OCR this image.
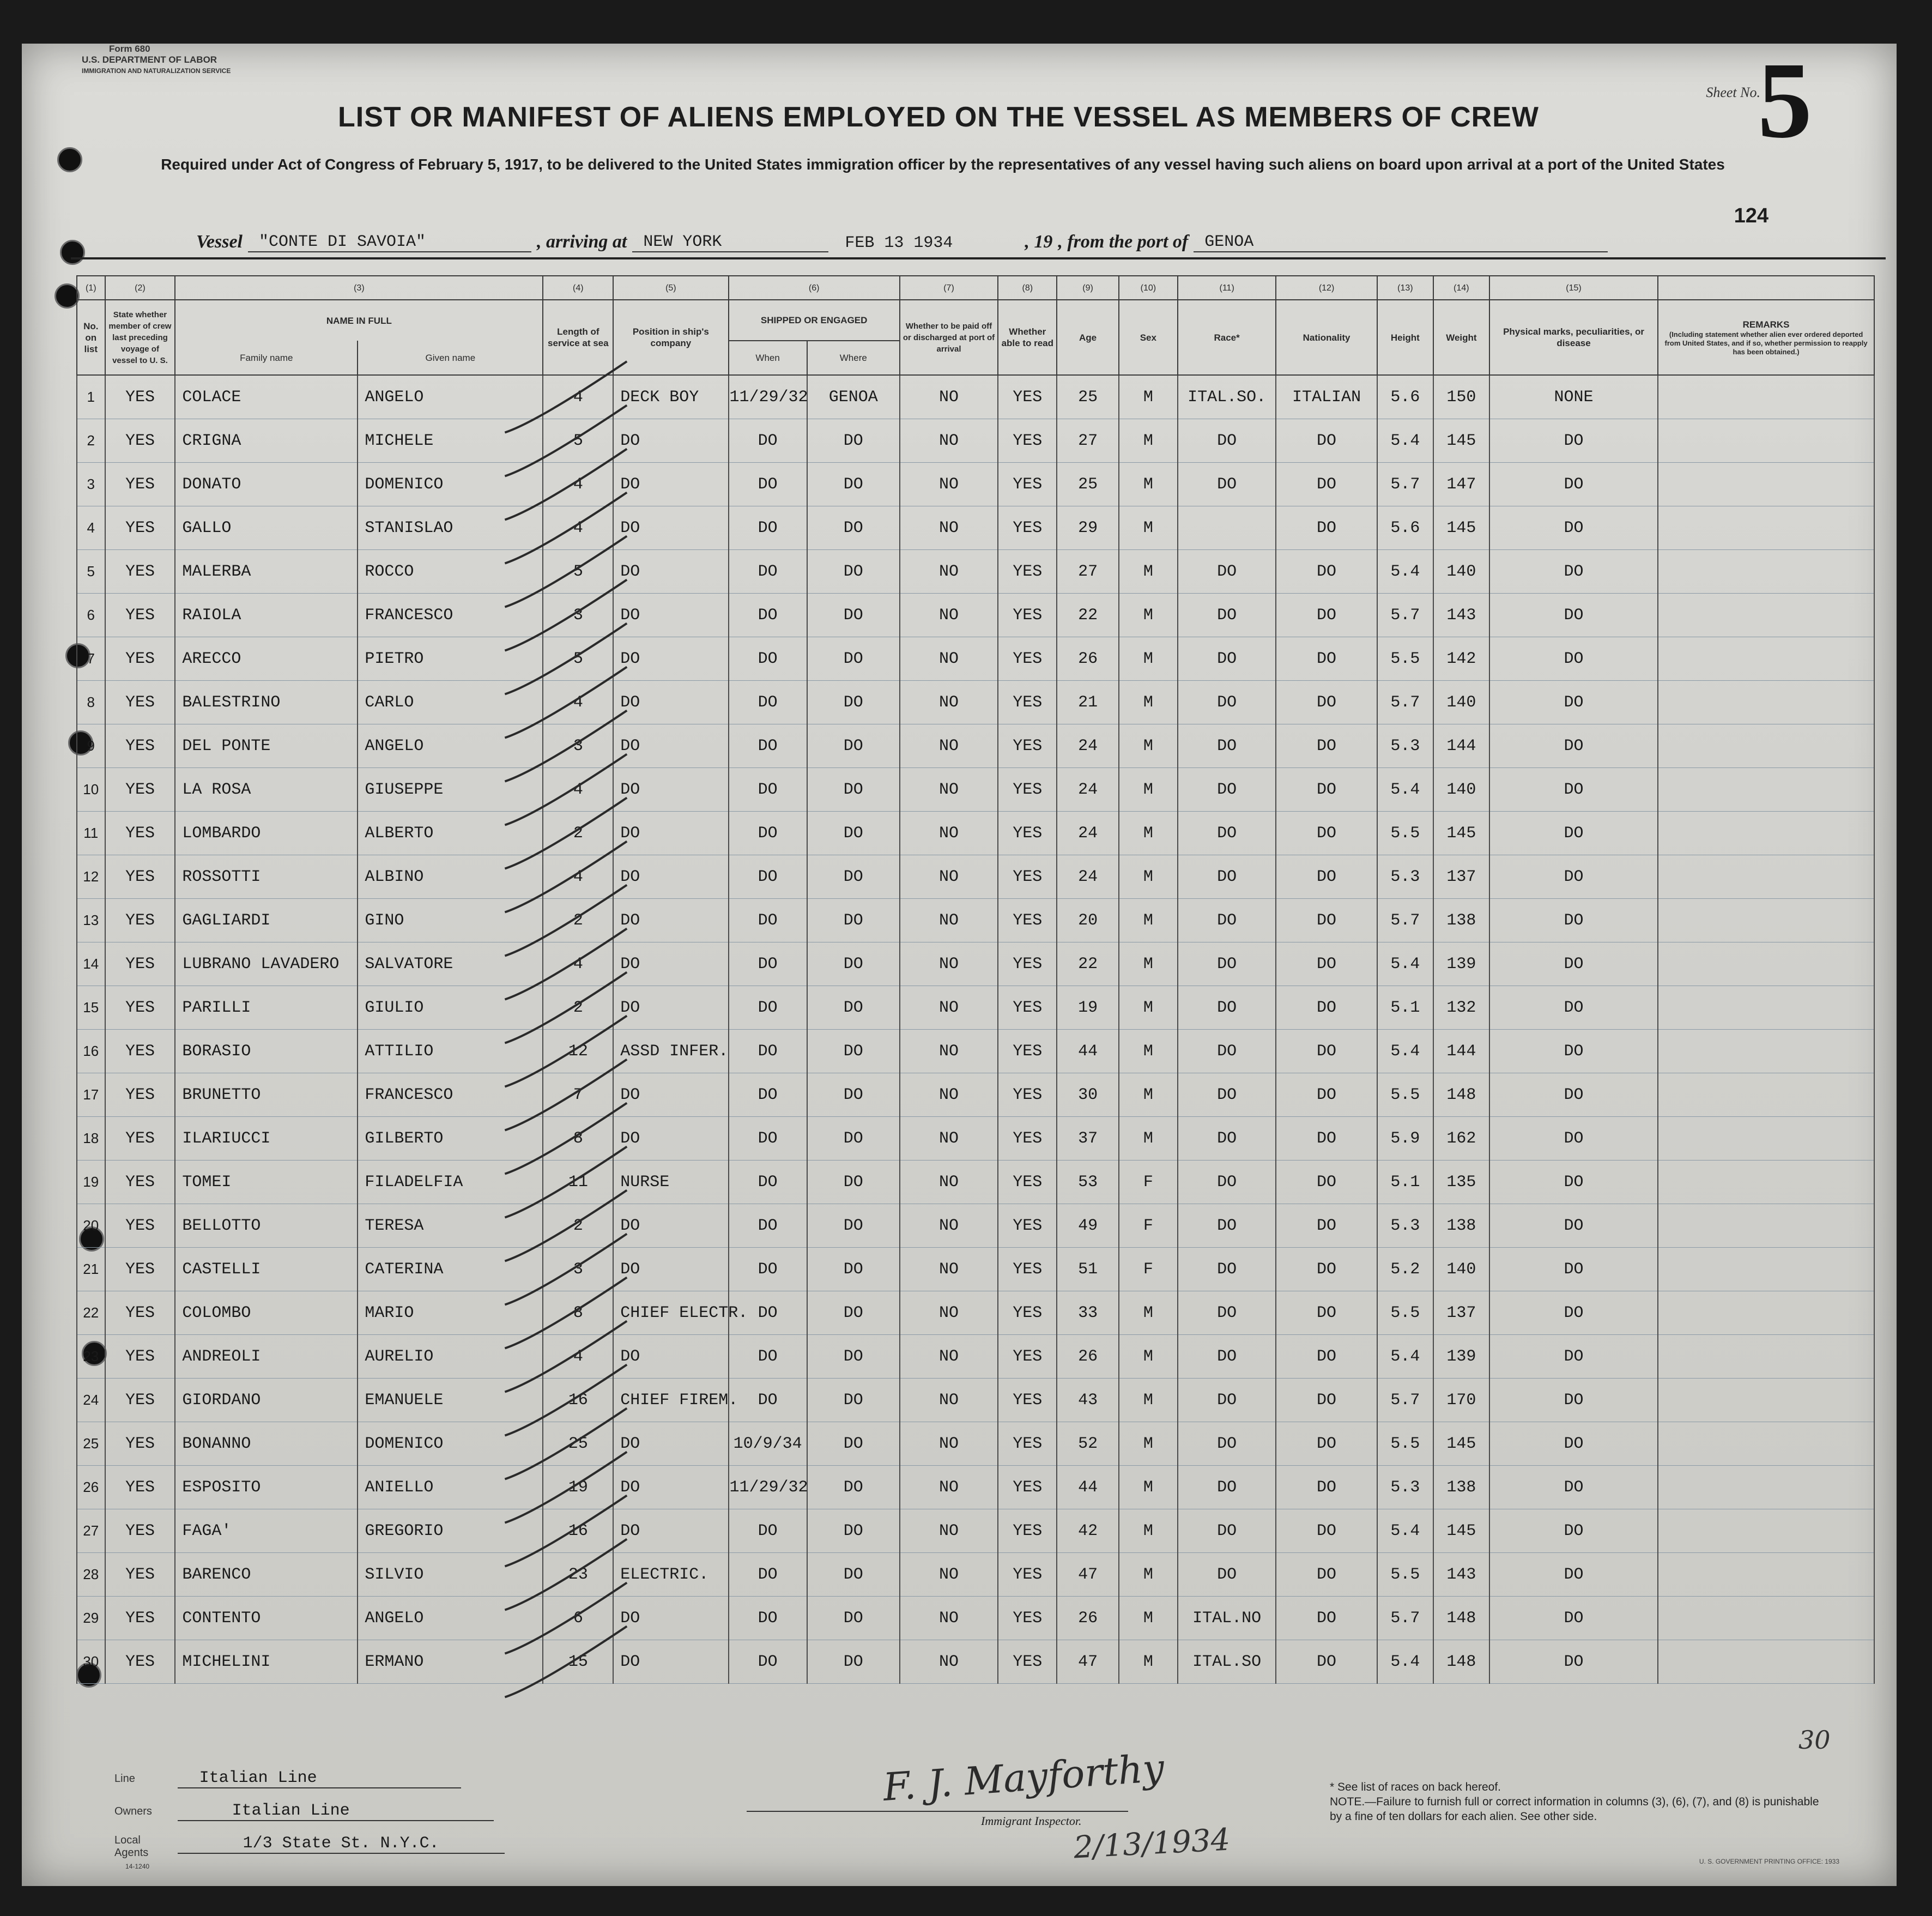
Form 680
U.S. DEPARTMENT OF LABOR
IMMIGRATION AND NATURALIZATION SERVICE
Sheet No.
5
LIST OR MANIFEST OF ALIENS EMPLOYED ON THE VESSEL AS MEMBERS OF CREW
Required under Act of Congress of February 5, 1917, to be delivered to the United States immigration officer by the representatives of any vessel having such aliens on board upon arrival at a port of the United States
124
Vessel	"CONTE DI SAVOIA"	, arriving at	NEW YORK	FEB 13 1934	, 19 , from the port of	GENOA
(1)	(2)	(3)		(4)	(5)	(6)		(7)	(8)	(9)	(10)	(11)	(12)	(13)	(14)	(15)	
No. on list	State whether member of crew last preceding voyage of vessel to U. S.	NAME IN FULL		Length of service at sea	Position in ship's company	SHIPPED OR ENGAGED		Whether to be paid off or discharged at port of arrival	Whether able to read	Age	Sex	Race*	Nationality	Height	Weight	Physical marks, peculiarities, or disease	REMARKS
(Including statement whether alien ever ordered deported from United States, and if so, whether permission to reapply has been obtained.)

		Family name	Given name			When	Where										
1	YES	COLACE	ANGELO	4	DECK BOY	11/29/32	GENOA	NO	YES	25	M	ITAL.SO.	ITALIAN	5.6	150	NONE	
2	YES	CRIGNA	MICHELE	5	DO	DO	DO	NO	YES	27	M	DO	DO	5.4	145	DO	
3	YES	DONATO	DOMENICO	4	DO	DO	DO	NO	YES	25	M	DO	DO	5.7	147	DO	
4	YES	GALLO	STANISLAO	4	DO	DO	DO	NO	YES	29	M		DO	5.6	145	DO	
5	YES	MALERBA	ROCCO	5	DO	DO	DO	NO	YES	27	M	DO	DO	5.4	140	DO	
6	YES	RAIOLA	FRANCESCO	3	DO	DO	DO	NO	YES	22	M	DO	DO	5.7	143	DO	
7	YES	ARECCO	PIETRO	5	DO	DO	DO	NO	YES	26	M	DO	DO	5.5	142	DO	
8	YES	BALESTRINO	CARLO	4	DO	DO	DO	NO	YES	21	M	DO	DO	5.7	140	DO	
9	YES	DEL PONTE	ANGELO	3	DO	DO	DO	NO	YES	24	M	DO	DO	5.3	144	DO	
10	YES	LA ROSA	GIUSEPPE	4	DO	DO	DO	NO	YES	24	M	DO	DO	5.4	140	DO	
11	YES	LOMBARDO	ALBERTO	2	DO	DO	DO	NO	YES	24	M	DO	DO	5.5	145	DO	
12	YES	ROSSOTTI	ALBINO	4	DO	DO	DO	NO	YES	24	M	DO	DO	5.3	137	DO	
13	YES	GAGLIARDI	GINO	2	DO	DO	DO	NO	YES	20	M	DO	DO	5.7	138	DO	
14	YES	LUBRANO LAVADERO	SALVATORE	4	DO	DO	DO	NO	YES	22	M	DO	DO	5.4	139	DO	
15	YES	PARILLI	GIULIO	2	DO	DO	DO	NO	YES	19	M	DO	DO	5.1	132	DO	
16	YES	BORASIO	ATTILIO	12	ASSD INFER.	DO	DO	NO	YES	44	M	DO	DO	5.4	144	DO	
17	YES	BRUNETTO	FRANCESCO	7	DO	DO	DO	NO	YES	30	M	DO	DO	5.5	148	DO	
18	YES	ILARIUCCI	GILBERTO	8	DO	DO	DO	NO	YES	37	M	DO	DO	5.9	162	DO	
19	YES	TOMEI	FILADELFIA	11	NURSE	DO	DO	NO	YES	53	F	DO	DO	5.1	135	DO	
20	YES	BELLOTTO	TERESA	2	DO	DO	DO	NO	YES	49	F	DO	DO	5.3	138	DO	
21	YES	CASTELLI	CATERINA	3	DO	DO	DO	NO	YES	51	F	DO	DO	5.2	140	DO	
22	YES	COLOMBO	MARIO	8	CHIEF ELECTR.	DO	DO	NO	YES	33	M	DO	DO	5.5	137	DO	
23	YES	ANDREOLI	AURELIO	4	DO	DO	DO	NO	YES	26	M	DO	DO	5.4	139	DO	
24	YES	GIORDANO	EMANUELE	16	CHIEF FIREM.	DO	DO	NO	YES	43	M	DO	DO	5.7	170	DO	
25	YES	BONANNO	DOMENICO	25	DO	10/9/34	DO	NO	YES	52	M	DO	DO	5.5	145	DO	
26	YES	ESPOSITO	ANIELLO	19	DO	11/29/32	DO	NO	YES	44	M	DO	DO	5.3	138	DO	
27	YES	FAGA'	GREGORIO	16	DO	DO	DO	NO	YES	42	M	DO	DO	5.4	145	DO	
28	YES	BARENCO	SILVIO	23	ELECTRIC.	DO	DO	NO	YES	47	M	DO	DO	5.5	143	DO	
29	YES	CONTENTO	ANGELO	6	DO	DO	DO	NO	YES	26	M	ITAL.NO	DO	5.7	148	DO	
30	YES	MICHELINI	ERMANO	15	DO	DO	DO	NO	YES	47	M	ITAL.SO	DO	5.4	148	DO	
Line	Italian Line
Owners	Italian Line
Local Agents
14-1240 1/3 State St. N.Y.C.
F. J. Mayforthy
Immigrant Inspector.
2/13/1934
30
* See list of races on back hereof.
NOTE.—Failure to furnish full or correct information in columns (3), (6), (7), and (8) is punishable by a fine of ten dollars for each alien. See other side.
U. S. GOVERNMENT PRINTING OFFICE: 1933
